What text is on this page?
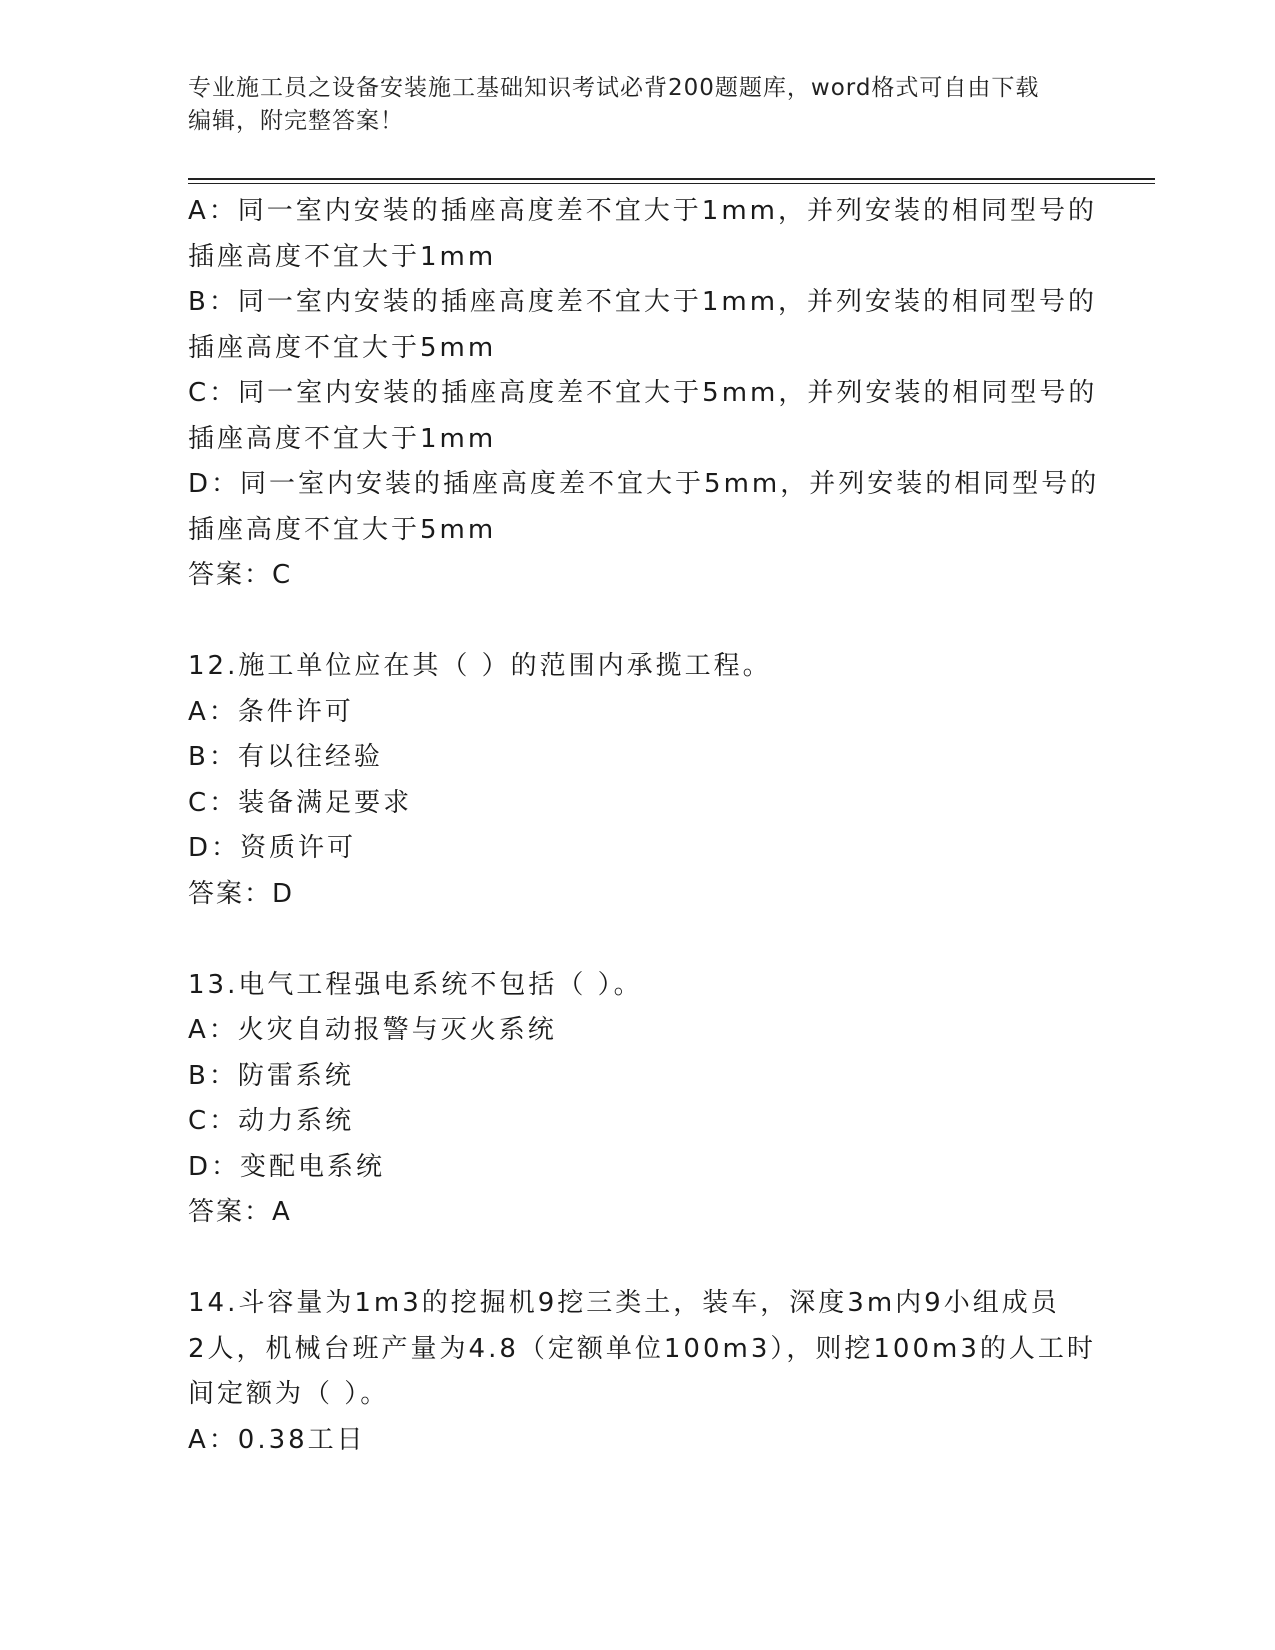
专业施工员之设备安装施工基础知识考试必背200题题库，word格式可自由下载
编辑，附完整答案！
A：同一室内安装的插座高度差不宜大于1mm，并列安装的相同型号的
插座高度不宜大于1mm
B：同一室内安装的插座高度差不宜大于1mm，并列安装的相同型号的
插座高度不宜大于5mm
C：同一室内安装的插座高度差不宜大于5mm，并列安装的相同型号的
插座高度不宜大于1mm
D：同一室内安装的插座高度差不宜大于5mm，并列安装的相同型号的
插座高度不宜大于5mm
答案：C
12.施工单位应在其（ ）的范围内承揽工程。
A：条件许可
B：有以往经验
C：装备满足要求
D：资质许可
答案：D
13.电气工程强电系统不包括（ ）。
A：火灾自动报警与灭火系统
B：防雷系统
C：动力系统
D：变配电系统
答案：A
14.斗容量为1m3的挖掘机9挖三类土，装车，深度3m内9小组成员
2人，机械台班产量为4.8（定额单位100m3），则挖100m3的人工时
间定额为（ ）。
A：0.38工日
